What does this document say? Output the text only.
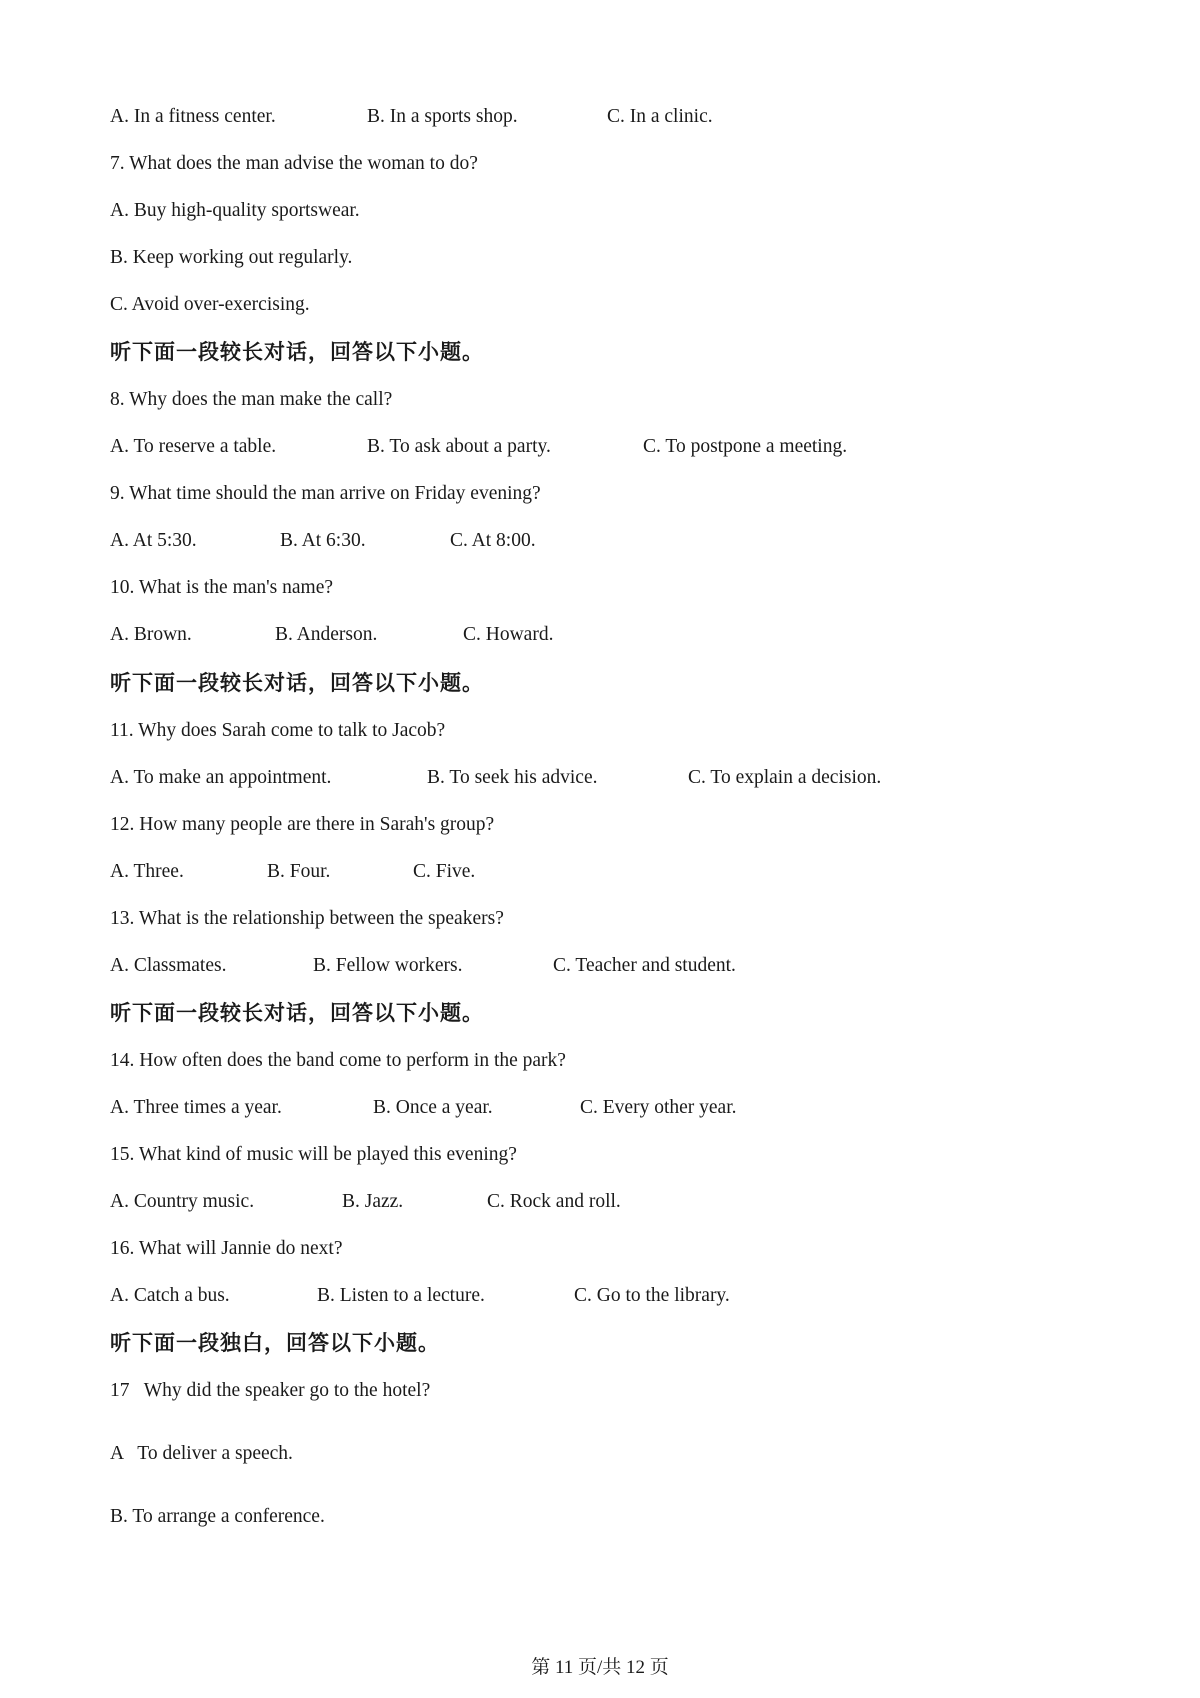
A. In a fitness center.	B. In a sports shop.	C. In a clinic.
7. What does the man advise the woman to do?
A. Buy high-quality sportswear.
B. Keep working out regularly.
C. Avoid over-exercising.
听下面一段较长对话，回答以下小题。
8. Why does the man make the call?
A. To reserve a table.	B. To ask about a party.	C. To postpone a meeting.
9. What time should the man arrive on Friday evening?
A. At 5:30.	B. At 6:30.	C. At 8:00.
10. What is the man's name?
A. Brown.	B. Anderson.	C. Howard.
听下面一段较长对话，回答以下小题。
11. Why does Sarah come to talk to Jacob?
A. To make an appointment.	B. To seek his advice.	C. To explain a decision.
12. How many people are there in Sarah's group?
A. Three.	B. Four.	C. Five.
13. What is the relationship between the speakers?
A. Classmates.	B. Fellow workers.	C. Teacher and student.
听下面一段较长对话，回答以下小题。
14. How often does the band come to perform in the park?
A. Three times a year.	B. Once a year.	C. Every other year.
15. What kind of music will be played this evening?
A. Country music.	B. Jazz.	C. Rock and roll.
16. What will Jannie do next?
A. Catch a bus.	B. Listen to a lecture.	C. Go to the library.
听下面一段独白，回答以下小题。
17   Why did the speaker go to the hotel?
A   To deliver a speech.
B. To arrange a conference.
第 11 页/共 12 页
